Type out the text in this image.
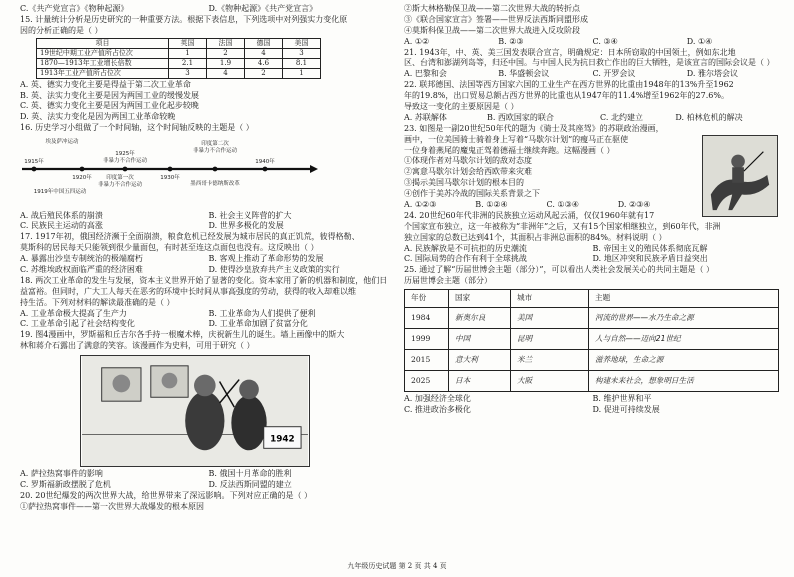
C.《共产党宣言》《物种起源》	D.《物种起源》《共产党宣言》
15. 计量统计分析是历史研究的一种重要方法。根据下表信息，下列选项中对列强实力变化原
因的分析正确的是（ ）
项目	英国	法国	德国	美国
19世纪中期工业产值所占位次	1	2	4	3
1870—1913年工业增长倍数	2.1	1.9	4.6	8.1
1913年工业产值所占位次	3	4	2	1
A. 英、德实力变化主要是得益于第二次工业革命
B. 英、法实力变化主要是因为两国工业的缓慢发展
C. 英、德实力变化主要是因为两国工业化起步较晚
D. 英、法实力变化是因为两国工业革命较晚
16. 历史学习小组做了一个时间轴，这个时间轴反映的主题是（ ）
埃及萨冲运动
1925年
非暴力不合作运动
印度第二次
非暴力不合作运动
1915年
1920年	1930年
1940年
1919年中国五四运动
印度第一次
非暴力不合作运动	墨西哥卡德纳斯改革
A. 战后殖民体系的崩溃	B. 社会主义阵营的扩大
C. 民族民主运动的高涨	D. 世界多极化的发展
17. 1917年初，俄国经济濒于全面崩溃，粮食危机已经发展为城市居民的真正饥荒，彼得格勒、
莫斯科的居民每天只能领到很少量面包，有时甚至连这点面包也没有。这反映出（ ）
A. 暴露出沙皇专制统治的极端腐朽	B. 客观上推动了革命形势的发展
C. 苏维埃政权面临严重的经济困难	D. 使得沙皇放弃共产主义政策的实行
18. 两次工业革命的发生与发展，资本主义世界开始了显著的变化。资本家用了新的机器和制度，他们日
益富裕。但同时，广大工人每天在恶劣的环境中长时间从事高强度的劳动，获得的收入却难以维
持生活。下列对材料的解读最准确的是（ ）
A. 工业革命极大提高了生产力	B. 工业革命为人们提供了便利
C. 工业革命引起了社会结构变化	D. 工业革命加剧了贫富分化
19. 图4漫画中，罗斯福和丘吉尔各手持一根魔术棒，庆祝新生儿的诞生。墙上画像中的斯大
林和蒋介石露出了满意的笑容。该漫画作为史料，可用于研究（ ）
1942
A. 萨拉热窝事件的影响	B. 俄国十月革命的胜利
C. 罗斯福新政摆脱了危机	D. 反法西斯同盟的建立
20. 20世纪爆发的两次世界大战，给世界带来了深远影响。下列对应正确的是（ ）
①萨拉热窝事件——第一次世界大战爆发的根本原因
②斯大林格勒保卫战——第二次世界大战的转折点
③《联合国家宣言》签署——世界反法西斯同盟形成
④莫斯科保卫战——第二次世界大战进入反攻阶段
A. ①②	B. ②③	C. ③④	D. ①④
21. 1943年，中、英、美三国发表联合宣言，明确规定：日本所窃取的中国领土，例如东北地
区、台湾和澎湖列岛等，归还中国。与中国人民为抗日救亡作出的巨大牺牲，是该宣言的国际会议是（ ）
A. 巴黎和会	B. 华盛顿会议	C. 开罗会议	D. 雅尔塔会议
22. 联邦德国、法国等西方国家六国的工业生产在西方世界的比重由1948年的13%升至1962
年的19.8%，出口贸易总额占西方世界的比重也从1947年的11.4%增至1962年的27.6%。
导致这一变化的主要原因是（ ）
A. 苏联解体	B. 西欧国家的联合	C. 北约建立	D. 柏林危机的解决
23. 如图是一副20世纪50年代的题为《骑士及其座驾》的苏联政治漫画，
画中，一位美国骑士骑着身上写着“马歇尔计划”的瘦马正在驱使
一位身着燕尾的魔鬼正驾着德福士继续奔跑。这幅漫画（ ）
①体现作者对马歇尔计划的敌对态度
②寓意马歇尔计划会给西欧带来灾难
③揭示美国马歇尔计划的根本目的
④创作于美苏冷战的国际关系背景之下
A. ①②③	B. ①②④	C. ①③④	D. ②③④
24. 20世纪60年代非洲的民族独立运动风起云涌，仅仅1960年就有17
个国家宣布独立，这一年被称为“非洲年”之后，又有15个国家相继独立，到60年代，非洲
独立国家的总数已达到41个，其面积占非洲总面积的84%。材料说明（ ）
A. 民族解放是不可抗拒的历史潮流	B. 帝国主义的殖民体系彻底瓦解
C. 国际局势的合作有利于全球挑战	D. 地区冲突和民族矛盾日益突出
25. 通过了解“历届世博会主题（部分）”，可以看出人类社会发展关心的共同主题是（ ）
历届世博会主题（部分）
年份	国家	城市	主题
1984	新奥尔良	美国	河流的世界——水乃生命之源
1999	中国	昆明	人与自然——迈向21世纪
2015	意大利	米兰	滋养地球，生命之源
2025	日本	大阪	构建未来社会，想象明日生活
A. 加强经济全球化	B. 维护世界和平
C. 推进政治多极化	D. 促进可持续发展
九年级历史试题 第 2 页 共 4 页
